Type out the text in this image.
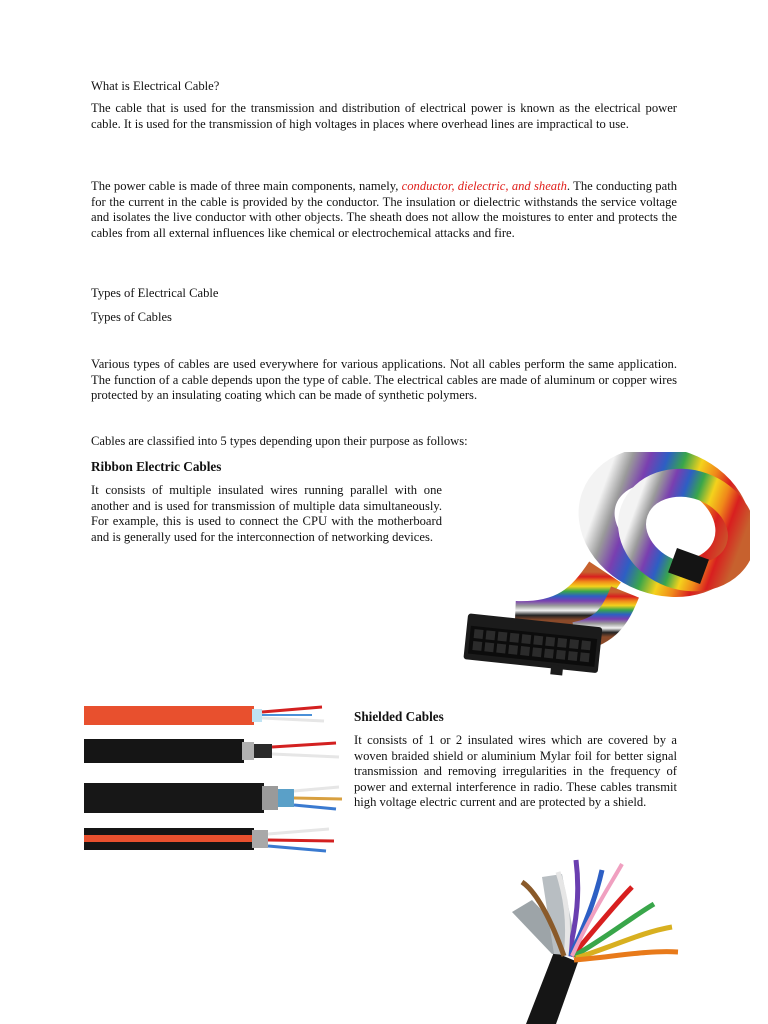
What is Electrical Cable?

The cable that is used for the transmission and distribution of electrical power is known as the electrical power cable. It is used for the transmission of high voltages in places where overhead lines are impractical to use.

The power cable is made of three main components, namely, conductor, dielectric, and sheath. The conducting path for the current in the cable is provided by the conductor. The insulation or dielectric withstands the service voltage and isolates the live conductor with other objects. The sheath does not allow the moistures to enter and protects the cables from all external influences like chemical or electrochemical attacks and fire.

Types of Electrical Cable
Types of Cables

Various types of cables are used everywhere for various applications. Not all cables perform the same application. The function of a cable depends upon the type of cable. The electrical cables are made of aluminum or copper wires protected by an insulating coating which can be made of synthetic polymers.

Cables are classified into 5 types depending upon their purpose as follows:
Ribbon Electric Cables

It consists of multiple insulated wires running parallel with one another and is used for transmission of multiple data simultaneously. For example, this is used to connect the CPU with the motherboard and is generally used for the interconnection of networking devices.

Shielded Cables

It consists of 1 or 2 insulated wires which are covered by a woven braided shield or aluminium Mylar foil for better signal transmission and removing irregularities in the frequency of power and external interference in radio. These cables transmit high voltage electric current and are protected by a shield.
